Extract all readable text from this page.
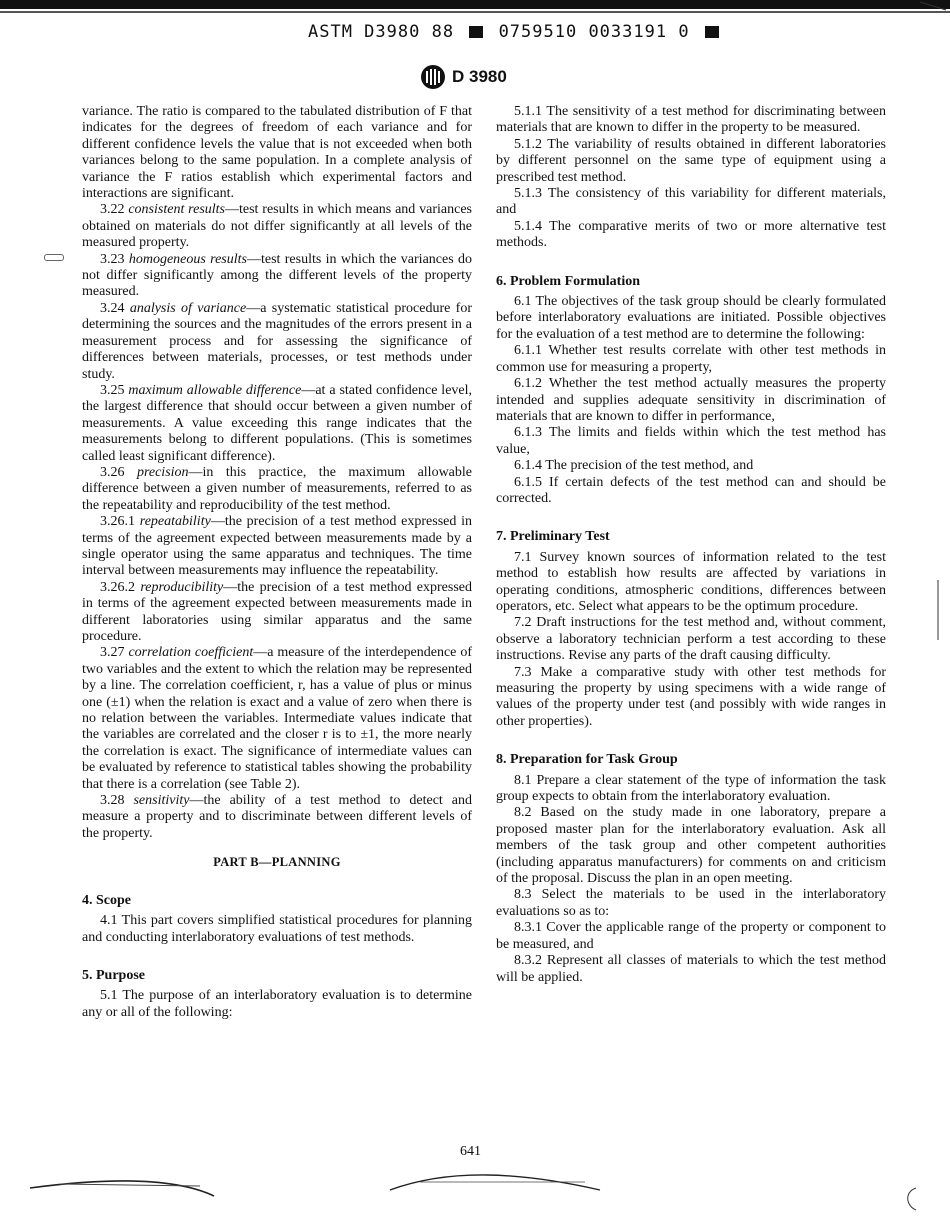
ASTM D3980 88	0759510 0033191 0
D 3980

variance. The ratio is compared to the tabulated distribution of F that indicates for the degrees of freedom of each variance and for different confidence levels the value that is not exceeded when both variances belong to the same population. In a complete analysis of variance the F ratios establish which experimental factors and interactions are significant.

3.22 consistent results—test results in which means and variances obtained on materials do not differ significantly at all levels of the measured property.

3.23 homogeneous results—test results in which the variances do not differ significantly among the different levels of the property measured.

3.24 analysis of variance—a systematic statistical procedure for determining the sources and the magnitudes of the errors present in a measurement process and for assessing the significance of differences between materials, processes, or test methods under study.

3.25 maximum allowable difference—at a stated confidence level, the largest difference that should occur between a given number of measurements. A value exceeding this range indicates that the measurements belong to different populations. (This is sometimes called least significant difference).

3.26 precision—in this practice, the maximum allowable difference between a given number of measurements, referred to as the repeatability and reproducibility of the test method.

3.26.1 repeatability—the precision of a test method expressed in terms of the agreement expected between measurements made by a single operator using the same apparatus and techniques. The time interval between measurements may influence the repeatability.

3.26.2 reproducibility—the precision of a test method expressed in terms of the agreement expected between measurements made in different laboratories using similar apparatus and the same procedure.

3.27 correlation coefficient—a measure of the interdependence of two variables and the extent to which the relation may be represented by a line. The correlation coefficient, r, has a value of plus or minus one (±1) when the relation is exact and a value of zero when there is no relation between the variables. Intermediate values indicate that the variables are correlated and the closer r is to ±1, the more nearly the correlation is exact. The significance of intermediate values can be evaluated by reference to statistical tables showing the probability that there is a correlation (see Table 2).

3.28 sensitivity—the ability of a test method to detect and measure a property and to discriminate between different levels of the property.

PART B—PLANNING

4. Scope

4.1 This part covers simplified statistical procedures for planning and conducting interlaboratory evaluations of test methods.

5. Purpose

5.1 The purpose of an interlaboratory evaluation is to determine any or all of the following:

5.1.1 The sensitivity of a test method for discriminating between materials that are known to differ in the property to be measured.

5.1.2 The variability of results obtained in different laboratories by different personnel on the same type of equipment using a prescribed test method.

5.1.3 The consistency of this variability for different materials, and

5.1.4 The comparative merits of two or more alternative test methods.

6. Problem Formulation

6.1 The objectives of the task group should be clearly formulated before interlaboratory evaluations are initiated. Possible objectives for the evaluation of a test method are to determine the following:

6.1.1 Whether test results correlate with other test methods in common use for measuring a property,

6.1.2 Whether the test method actually measures the property intended and supplies adequate sensitivity in discrimination of materials that are known to differ in performance,

6.1.3 The limits and fields within which the test method has value,

6.1.4 The precision of the test method, and

6.1.5 If certain defects of the test method can and should be corrected.

7. Preliminary Test

7.1 Survey known sources of information related to the test method to establish how results are affected by variations in operating conditions, atmospheric conditions, differences between operators, etc. Select what appears to be the optimum procedure.

7.2 Draft instructions for the test method and, without comment, observe a laboratory technician perform a test according to these instructions. Revise any parts of the draft causing difficulty.

7.3 Make a comparative study with other test methods for measuring the property by using specimens with a wide range of values of the property under test (and possibly with wide ranges in other properties).

8. Preparation for Task Group

8.1 Prepare a clear statement of the type of information the task group expects to obtain from the interlaboratory evaluation.

8.2 Based on the study made in one laboratory, prepare a proposed master plan for the interlaboratory evaluation. Ask all members of the task group and other competent authorities (including apparatus manufacturers) for comments on and criticism of the proposal. Discuss the plan in an open meeting.

8.3 Select the materials to be used in the interlaboratory evaluations so as to:

8.3.1 Cover the applicable range of the property or component to be measured, and

8.3.2 Represent all classes of materials to which the test method will be applied.

641
